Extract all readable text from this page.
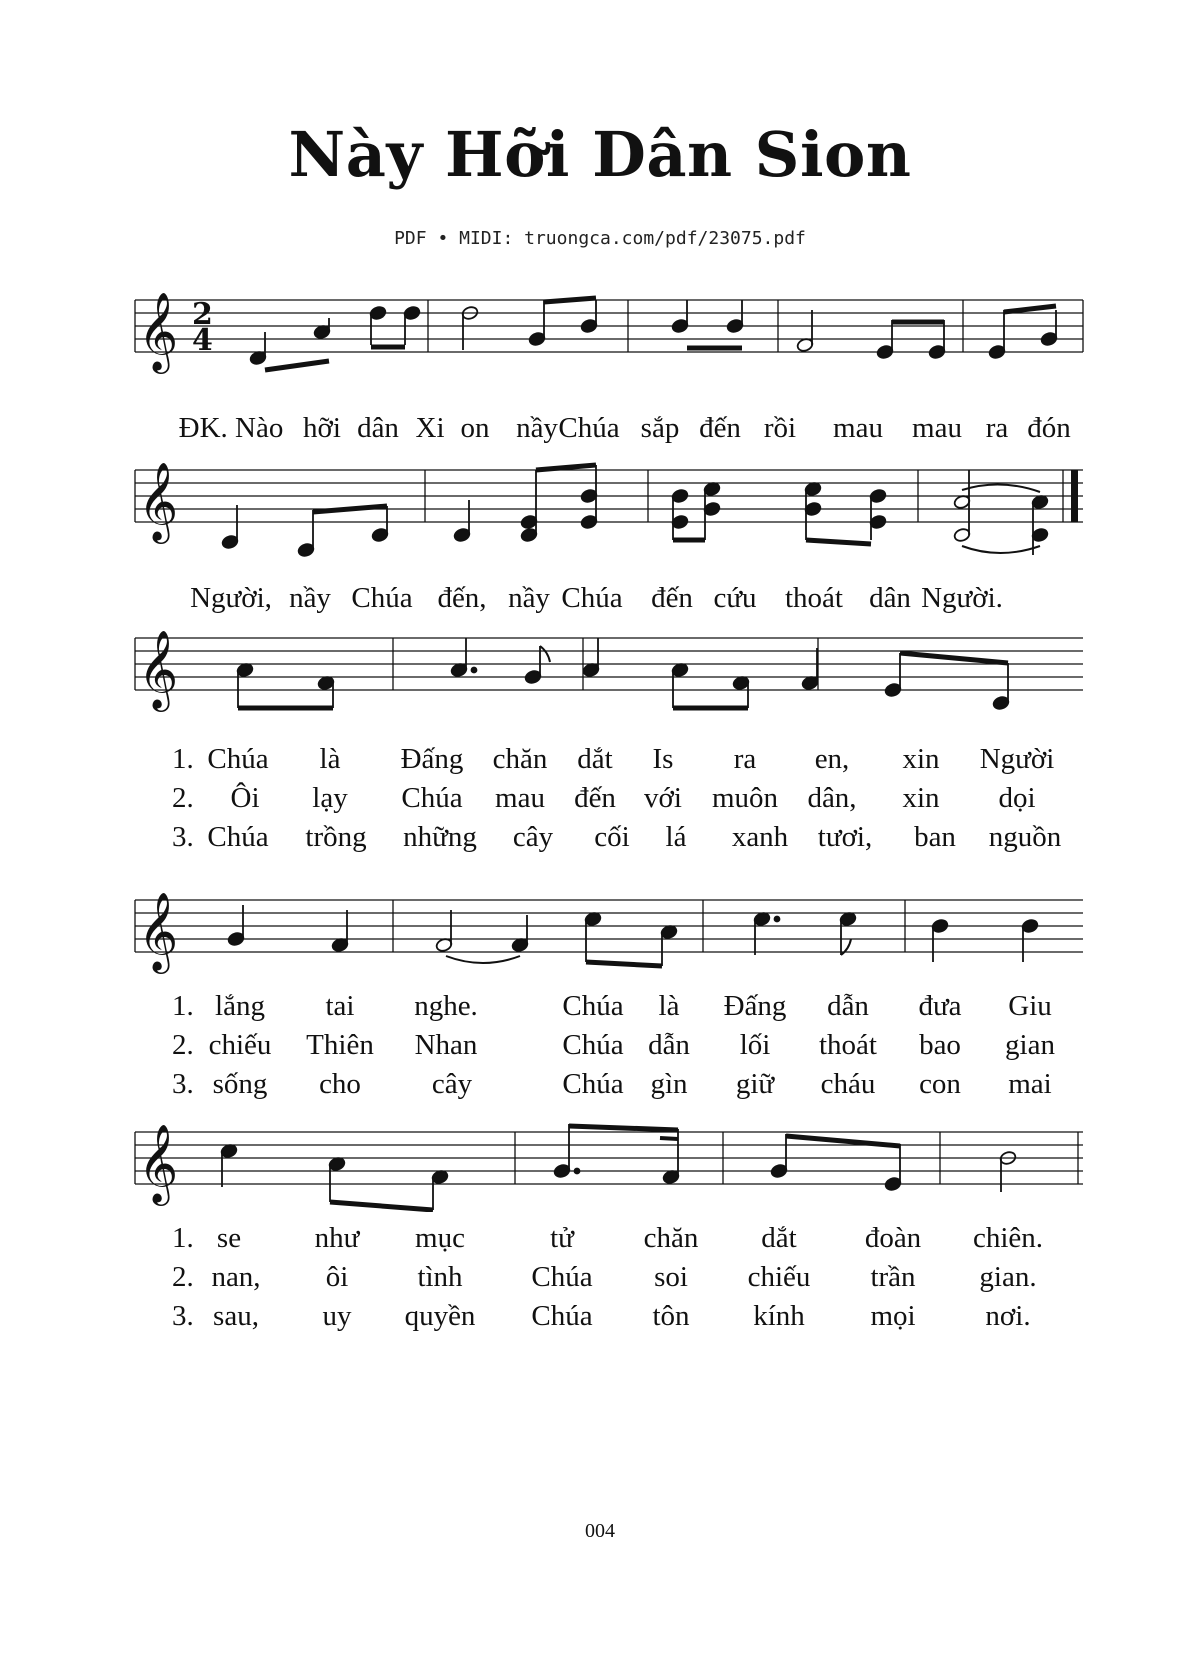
Này Hỡi Dân Sion
PDF • MIDI: truongca.com/pdf/23075.pdf
𝄞 2
4
ĐK. Nào hỡi dân Xi on nầy Chúa sắp đến rồi mau mau ra đón
𝄞
Người, nầy Chúa đến, nầy Chúa đến cứu thoát dân Người.
𝄞
1. Chúa là Đấng chăn dắt Is ra en, xin Người
2. Ôi lạy Chúa mau đến với muôn dân, xin dọi
3. Chúa trồng những cây cối lá xanh tươi, ban nguồn
𝄞
1. lắng tai nghe.	Chúa là Đấng dẫn đưa Giu
2. chiếu Thiên Nhan	Chúa dẫn lối thoát bao gian
3. sống cho cây	Chúa gìn giữ cháu con mai
𝄞
1. se	như mục	tử chăn dắt đoàn chiên.
2. nan, ôi tình Chúa soi chiếu trần gian.
3. sau, uy quyền Chúa tôn kính mọi nơi.
004
